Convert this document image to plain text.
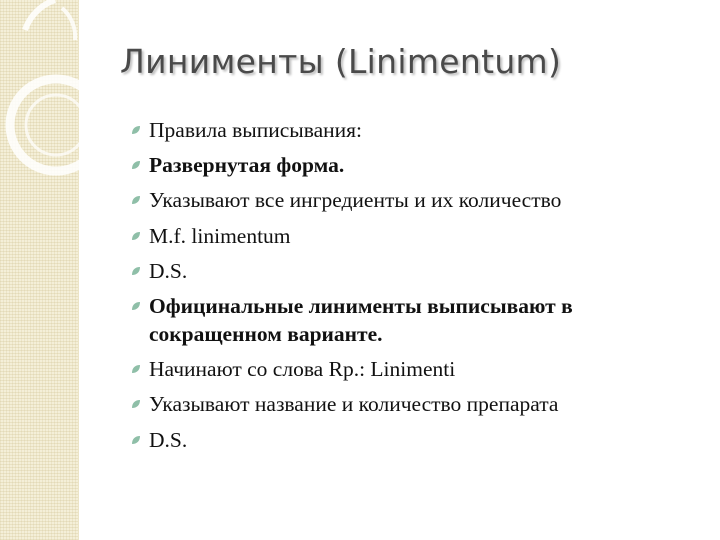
Линименты (Linimentum)
Правила выписывания:
Развернутая форма.
Указывают все ингредиенты и их количество
M.f. linimentum
D.S.
Официнальные линименты выписывают в сокращенном варианте.
Начинают со слова Rp.: Linimenti
Указывают название и количество препарата
D.S.
